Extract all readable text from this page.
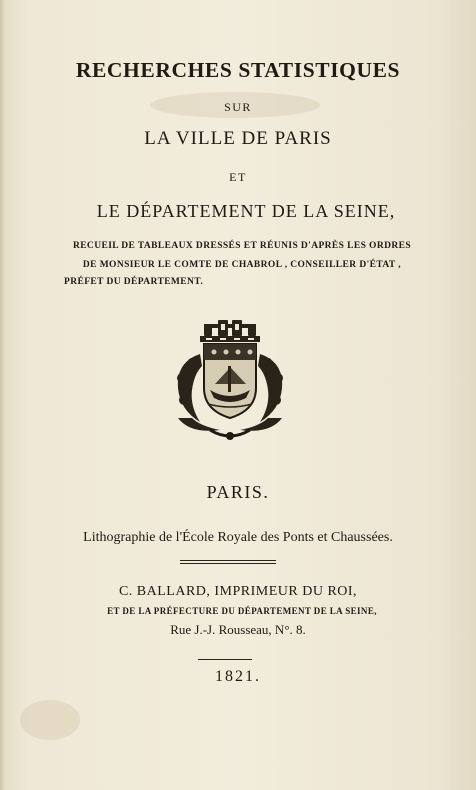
RECHERCHES STATISTIQUES
SUR
LA VILLE DE PARIS
ET
LE DÉPARTEMENT DE LA SEINE,
RECUEIL DE TABLEAUX DRESSÉS ET RÉUNIS D'APRÈS LES ORDRES
DE MONSIEUR LE COMTE DE CHABROL , CONSEILLER D'ÉTAT ,
PRÉFET DU DÉPARTEMENT.
PARIS.
Lithographie de l'École Royale des Ponts et Chaussées.
C. BALLARD, IMPRIMEUR DU ROI,
ET DE LA PRÉFECTURE DU DÉPARTEMENT DE LA SEINE,
Rue J.-J. Rousseau, N°. 8.
1821.
